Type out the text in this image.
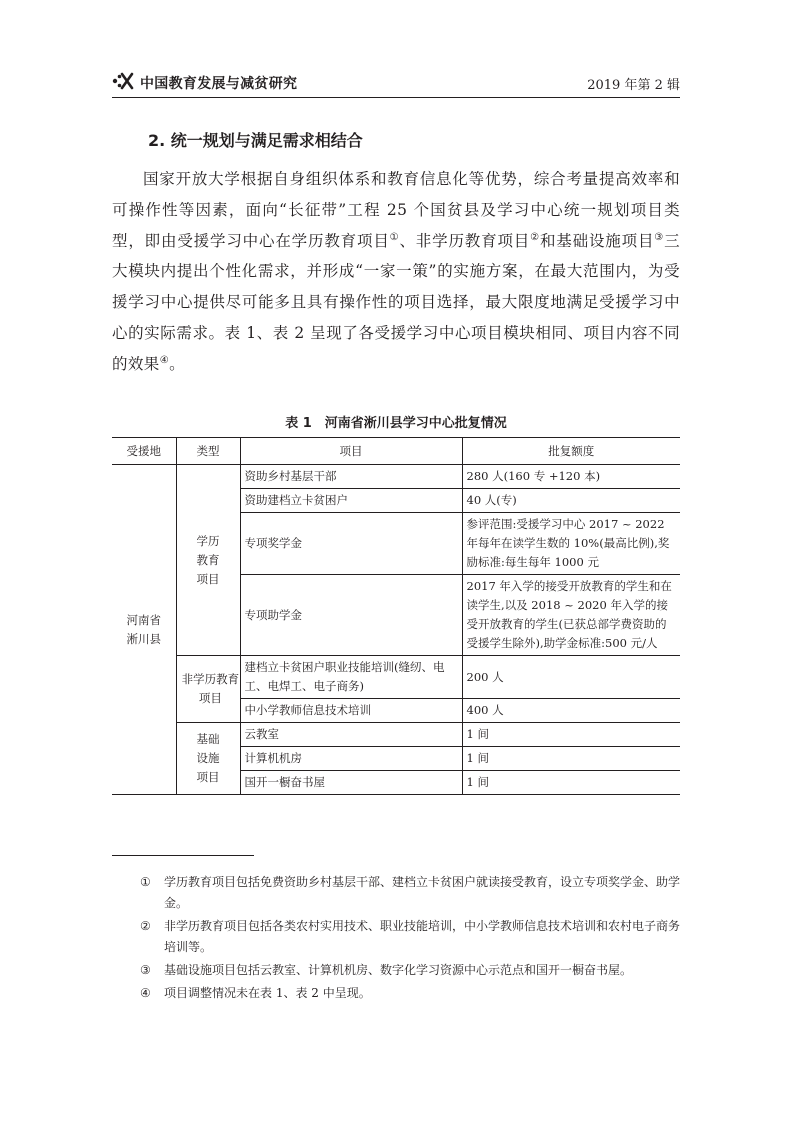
中国教育发展与减贫研究	2019 年第 2 辑
2. 统一规划与满足需求相结合

国家开放大学根据自身组织体系和教育信息化等优势，综合考量提高效率和可操作性等因素，面向“长征带”工程 25 个国贫县及学习中心统一规划项目类型，即由受援学习中心在学历教育项目①、非学历教育项目②和基础设施项目③三大模块内提出个性化需求，并形成“一家一策”的实施方案，在最大范围内，为受援学习中心提供尽可能多且具有操作性的项目选择，最大限度地满足受援学习中心的实际需求。表 1、表 2 呈现了各受援学习中心项目模块相同、项目内容不同的效果④。

表 1　河南省淅川县学习中心批复情况
受援地	类型	项目	批复额度
河南省淅川县	学历教育项目	资助乡村基层干部	280 人(160 专 +120 本)
		资助建档立卡贫困户	40 人(专)
		专项奖学金	参评范围:受援学习中心 2017 ~ 2022 年每年在读学生数的 10%(最高比例),奖励标准:每生每年 1000 元
		专项助学金	2017 年入学的接受开放教育的学生和在读学生,以及 2018 ~ 2020 年入学的接受开放教育的学生(已获总部学费资助的受援学生除外),助学金标准:500 元/人
	非学历教育项目	建档立卡贫困户职业技能培训(缝纫、电工、电焊工、电子商务)	200 人
		中小学教师信息技术培训	400 人
	基础设施项目	云教室	1 间
		计算机机房	1 间
		国开一橱奋书屋	1 间
① 学历教育项目包括免费资助乡村基层干部、建档立卡贫困户就读接受教育，设立专项奖学金、助学金。
② 非学历教育项目包括各类农村实用技术、职业技能培训，中小学教师信息技术培训和农村电子商务培训等。
③ 基础设施项目包括云教室、计算机机房、数字化学习资源中心示范点和国开一橱奋书屋。
④ 项目调整情况未在表 1、表 2 中呈现。
